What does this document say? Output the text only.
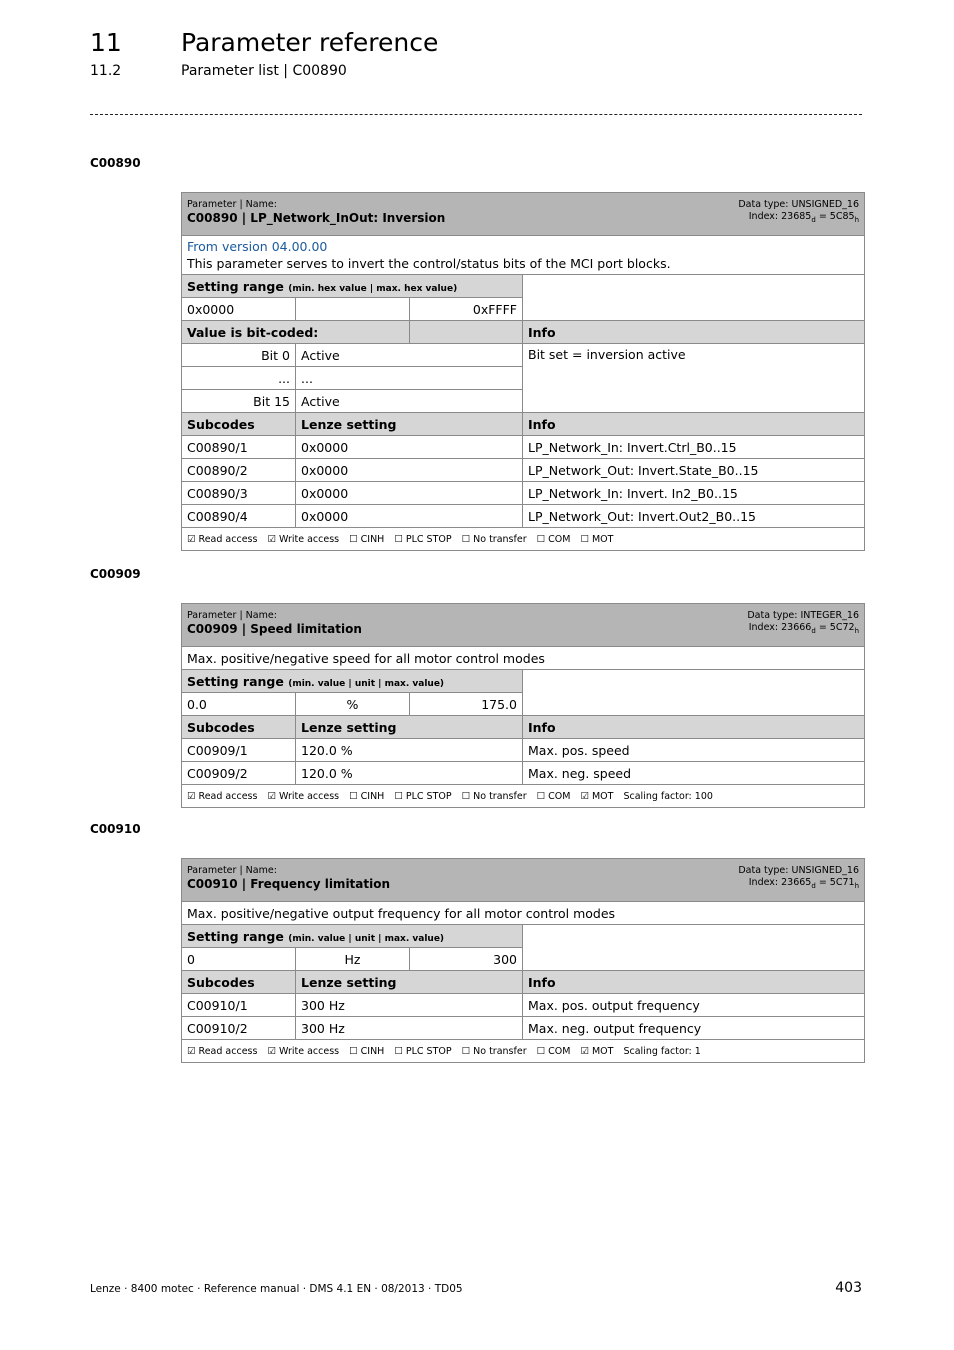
11 Parameter reference
11.2	Parameter list | C00890
C00890
Parameter | Name:
C00890 | LP_Network_InOut: Inversion
Data type: UNSIGNED_16
Index: $23685_d = 5C85_h$

From version 04.00.00
This parameter serves to invert the control/status bits of the MCI port blocks.			

Setting range (min. hex value | max. hex value)			
0x0000		0xFFFF	
Value is bit-coded:			Info
Bit 0	Active		Bit set = inversion active
...	...		
Bit 15	Active		
Subcodes	Lenze setting		Info
C00890/1	0x0000		LP_Network_In: Invert.Ctrl_B0..15
C00890/2	0x0000		LP_Network_Out: Invert.State_B0..15
C00890/3	0x0000		LP_Network_In: Invert. In2_B0..15
C00890/4	0x0000		LP_Network_Out: Invert.Out2_B0..15
☑ Read access ☑ Write access ☐ CINH ☐ PLC STOP ☐ No transfer ☐ COM ☐ MOT			
C00909
Parameter | Name:
C00909 | Speed limitation
Data type: INTEGER_16
Index: $23666_d = 5C72_h$

Max. positive/negative speed for all motor control modes			
Setting range (min. value | unit | max. value)			
0.0	%	175.0	
Subcodes	Lenze setting		Info
C00909/1	120.0 %		Max. pos. speed
C00909/2	120.0 %		Max. neg. speed
☑ Read access ☑ Write access ☐ CINH ☐ PLC STOP ☐ No transfer ☐ COM ☑ MOT Scaling factor: 100			
C00910
Parameter | Name:
C00910 | Frequency limitation
Data type: UNSIGNED_16
Index: $23665_d = 5C71_h$

Max. positive/negative output frequency for all motor control modes			
Setting range (min. value | unit | max. value)			
0	Hz	300	
Subcodes	Lenze setting		Info
C00910/1	300 Hz		Max. pos. output frequency
C00910/2	300 Hz		Max. neg. output frequency
☑ Read access ☑ Write access ☐ CINH ☐ PLC STOP ☐ No transfer ☐ COM ☑ MOT Scaling factor: 1			
Lenze · 8400 motec · Reference manual · DMS 4.1 EN · 08/2013 · TD05	403
